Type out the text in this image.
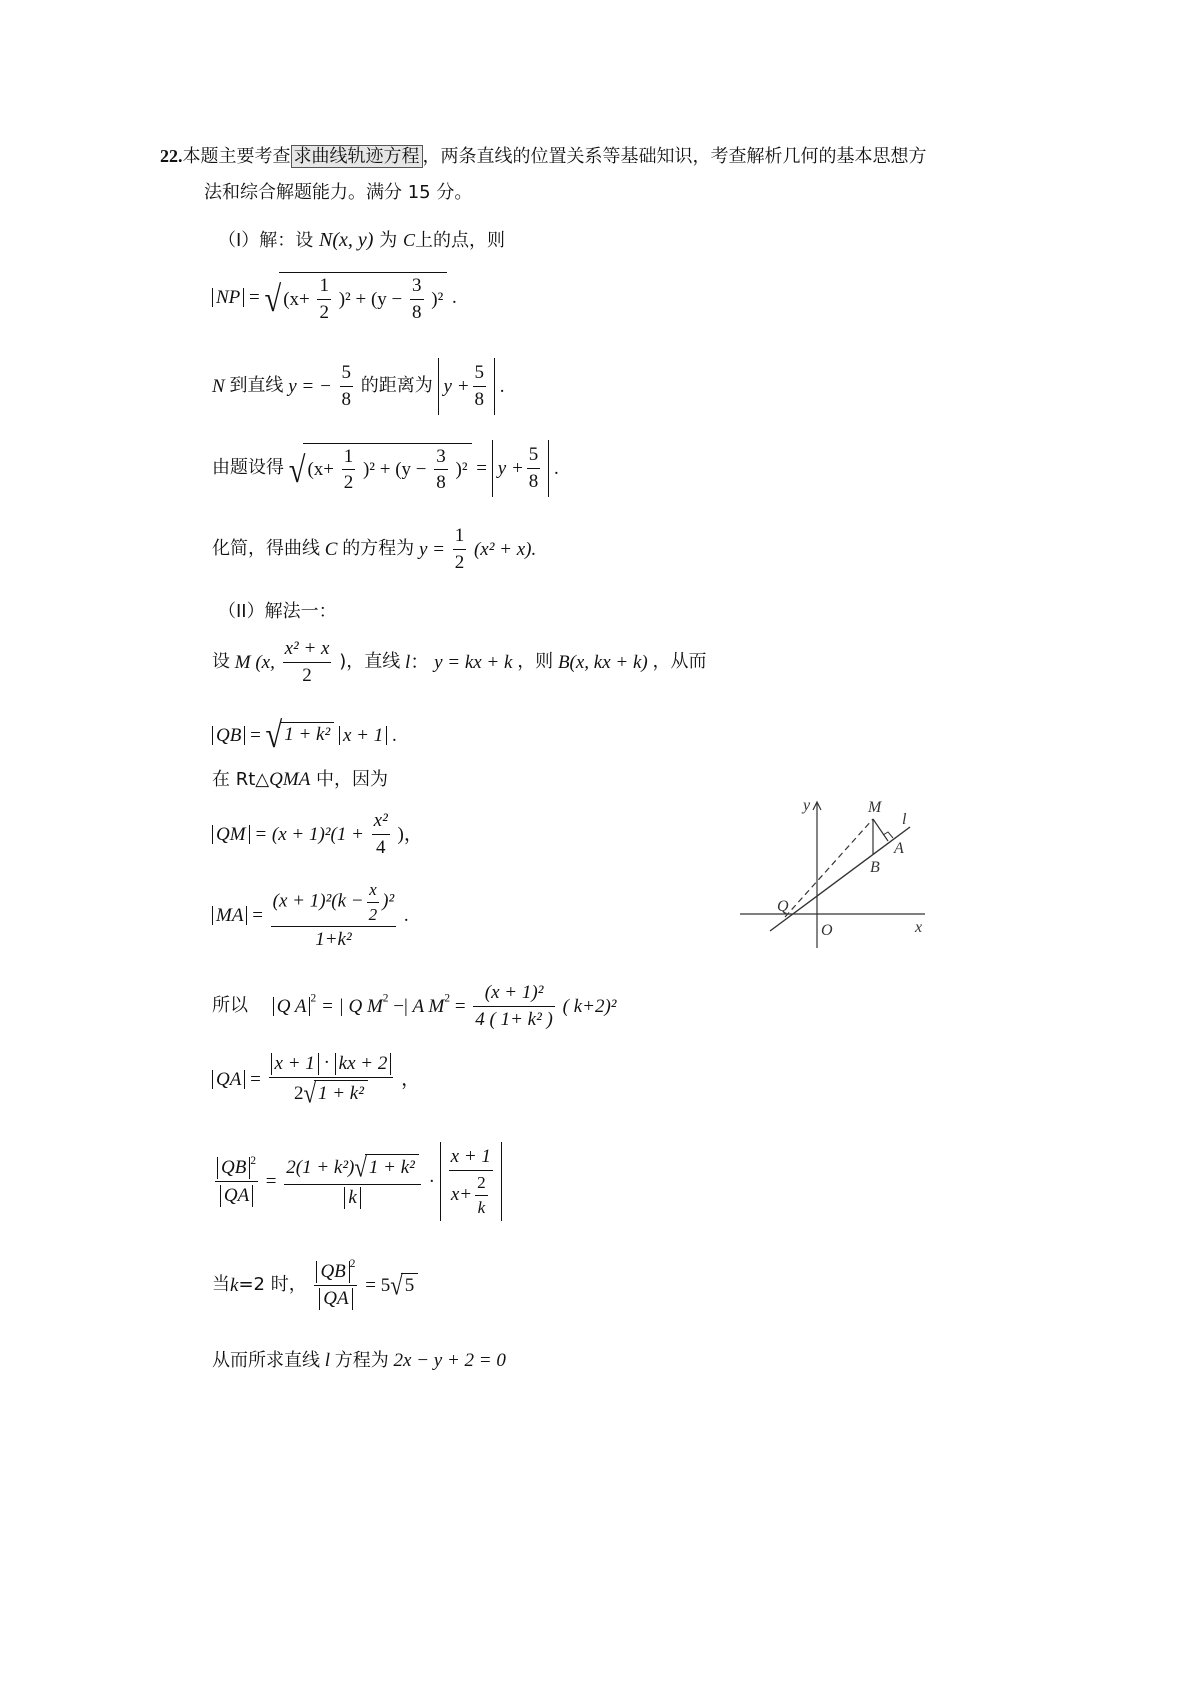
22.本题主要考查 求曲线轨迹方程 ，两条直线的位置关系等基础知识，考查解析几何的基本思想方
法和综合解题能力。满分 15 分。
（I）解：设 N(x, y) 为 C上的点，则
NP = √ $(x+ \frac{1}{2} )^2 + (y - \frac{3}{8} )^2$ .
N 到直线 y = − $\frac{5}{8}$ 的距离为 $y + \frac{5}{8}$ .
由题设得 √ $(x+ \frac{1}{2} )^2 + (y - \frac{3}{8} )^2 = y + \frac{5}{8}$ .
化简，得曲线 C 的方程为 $y = \frac{1}{2} (x^2 + x)$.
（II）解法一：
设 M (x, $\frac{\text{x² + x}}{2}$ )，直线 l： y = kx + k ，则 B(x, kx + k) ，从而
QB = √ 1 + k² x + 1 .
在 Rt△QMA 中，因为
QM = $(x + 1)^2(1 + \frac{\text{x²}}{4}$ )，
MA = $\frac{(x + 1)^2(k - \frac{x}{2} )^2}{\text{1+k²}}$ .
所以 Q A $^2$ = | Q $M^2$ −| A $M^2 = \frac{\text{(x + 1)²}}{\text{4 ( 1+ k² )}}$ ( k+2)²
QA = $\frac{x + 1 \cdot kx + 2}{\text{2√ 1 + k²}}$ ，
$\frac{QB ^2}{QA} = \frac{\text{2(1 + k²)√ 1 + k²}}{k} \cdot \frac{x + 1}{x+ \frac{2}{k}}$
当k=2 时， $\frac{QB ^2}{QA} = 5√$ 5
从而所求直线 l 方程为 2x − y + 2 = 0
y
x
O
Q
M
l
A
B
